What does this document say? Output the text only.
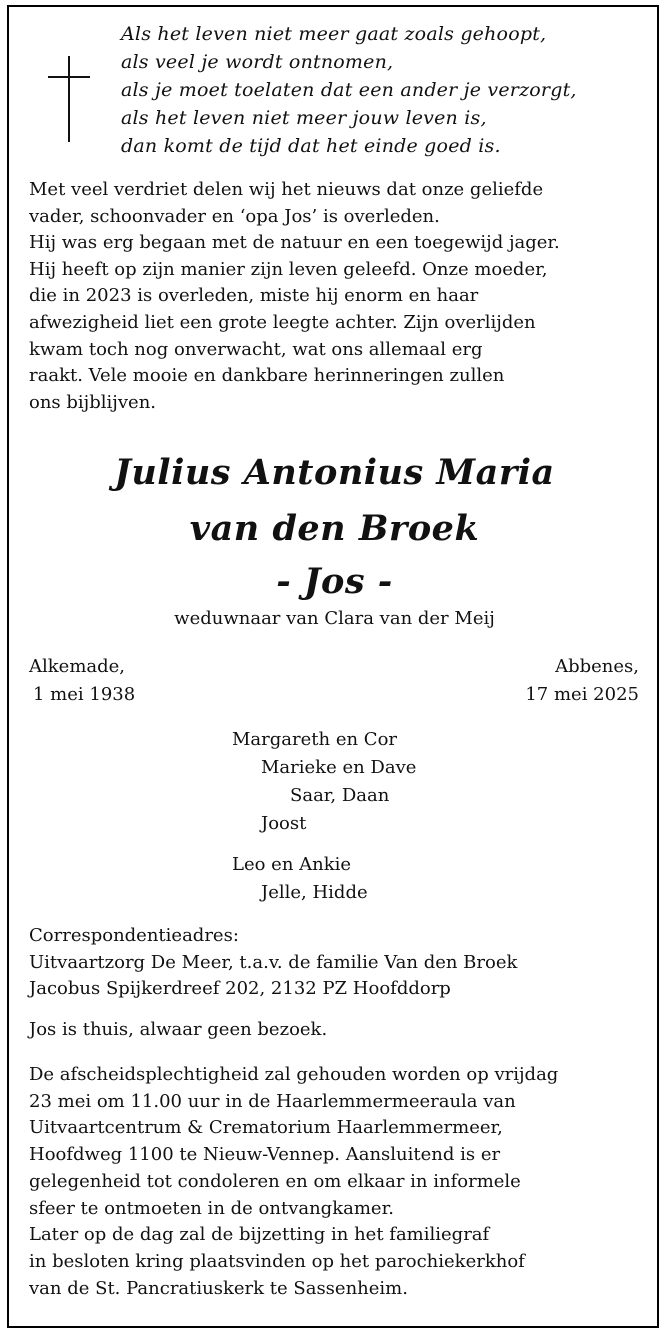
Als het leven niet meer gaat zoals gehoopt,
als veel je wordt ontnomen,
als je moet toelaten dat een ander je verzorgt,
als het leven niet meer jouw leven is,
dan komt de tijd dat het einde goed is.
Met veel verdriet delen wij het nieuws dat onze geliefde
vader, schoonvader en ‘opa Jos’ is overleden.
Hij was erg begaan met de natuur en een toegewijd jager.
Hij heeft op zijn manier zijn leven geleefd. Onze moeder,
die in 2023 is overleden, miste hij enorm en haar
afwezigheid liet een grote leegte achter. Zijn overlijden
kwam toch nog onverwacht, wat ons allemaal erg
raakt. Vele mooie en dankbare herinneringen zullen
ons bijblijven.
Julius Antonius Maria
van den Broek
- Jos -
weduwnaar van Clara van der Meij
Alkemade,
1 mei 1938
Abbenes,
17 mei 2025
Margareth en Cor
Marieke en Dave
Saar, Daan
Joost
Leo en Ankie
Jelle, Hidde
Correspondentieadres:
Uitvaartzorg De Meer, t.a.v. de familie Van den Broek
Jacobus Spijkerdreef 202, 2132 PZ Hoofddorp
Jos is thuis, alwaar geen bezoek.
De afscheidsplechtigheid zal gehouden worden op vrijdag
23 mei om 11.00 uur in de Haarlemmermeeraula van
Uitvaartcentrum & Crematorium Haarlemmermeer,
Hoofdweg 1100 te Nieuw-Vennep. Aansluitend is er
gelegenheid tot condoleren en om elkaar in informele
sfeer te ontmoeten in de ontvangkamer.
Later op de dag zal de bijzetting in het familiegraf
in besloten kring plaatsvinden op het parochiekerkhof
van de St. Pancratiuskerk te Sassenheim.
